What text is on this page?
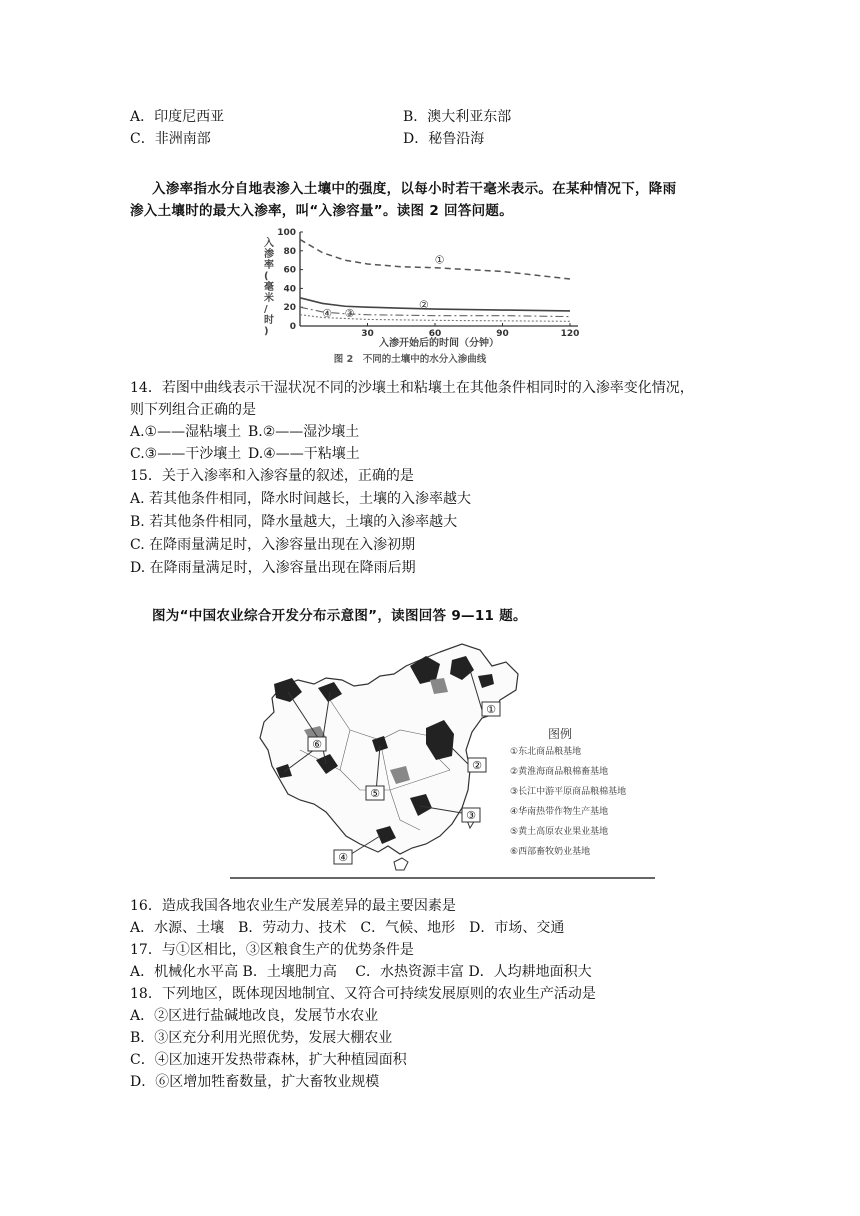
A．印度尼西亚	B．澳大利亚东部
C．非洲南部	D．秘鲁沿海
入渗率指水分自地表渗入土壤中的强度，以每小时若干毫米表示。在某种情况下，降雨
渗入土壤时的最大入渗率，叫“入渗容量”。读图 2 回答问题。
入渗率(毫米/时)
100
80
60
40
20
0
30	60	90	120
①
②
③
④
入渗开始后的时间（分钟）
图 2　不同的土壤中的水分入渗曲线
14．若图中曲线表示干湿状况不同的沙壤土和粘壤土在其他条件相同时的入渗率变化情况，
则下列组合正确的是
A.①——湿粘壤土 B.②——湿沙壤土
C.③——干沙壤土 D.④——干粘壤土
15．关于入渗率和入渗容量的叙述，正确的是
A. 若其他条件相同，降水时间越长，土壤的入渗率越大
B. 若其他条件相同，降水量越大，土壤的入渗率越大
C. 在降雨量满足时，入渗容量出现在入渗初期
D. 在降雨量满足时，入渗容量出现在降雨后期
图为“中国农业综合开发分布示意图”，读图回答 9—11 题。
⑥
①
②
③
④
⑤
图例
①东北商品粮基地
②黄淮海商品粮棉畜基地
③长江中游平原商品粮棉基地
④华南热带作物生产基地
⑤黄土高原农业果业基地
⑥西部畜牧奶业基地
16．造成我国各地农业生产发展差异的最主要因素是
A．水源、土壤　B．劳动力、技术　C．气候、地形　D．市场、交通
17．与①区相比，③区粮食生产的优势条件是
A．机械化水平高 B．土壤肥力高　 C．水热资源丰富 D．人均耕地面积大
18．下列地区，既体现因地制宜、又符合可持续发展原则的农业生产活动是
A．②区进行盐碱地改良，发展节水农业
B．③区充分利用光照优势，发展大棚农业
C．④区加速开发热带森林，扩大种植园面积
D．⑥区增加牲畜数量，扩大畜牧业规模
